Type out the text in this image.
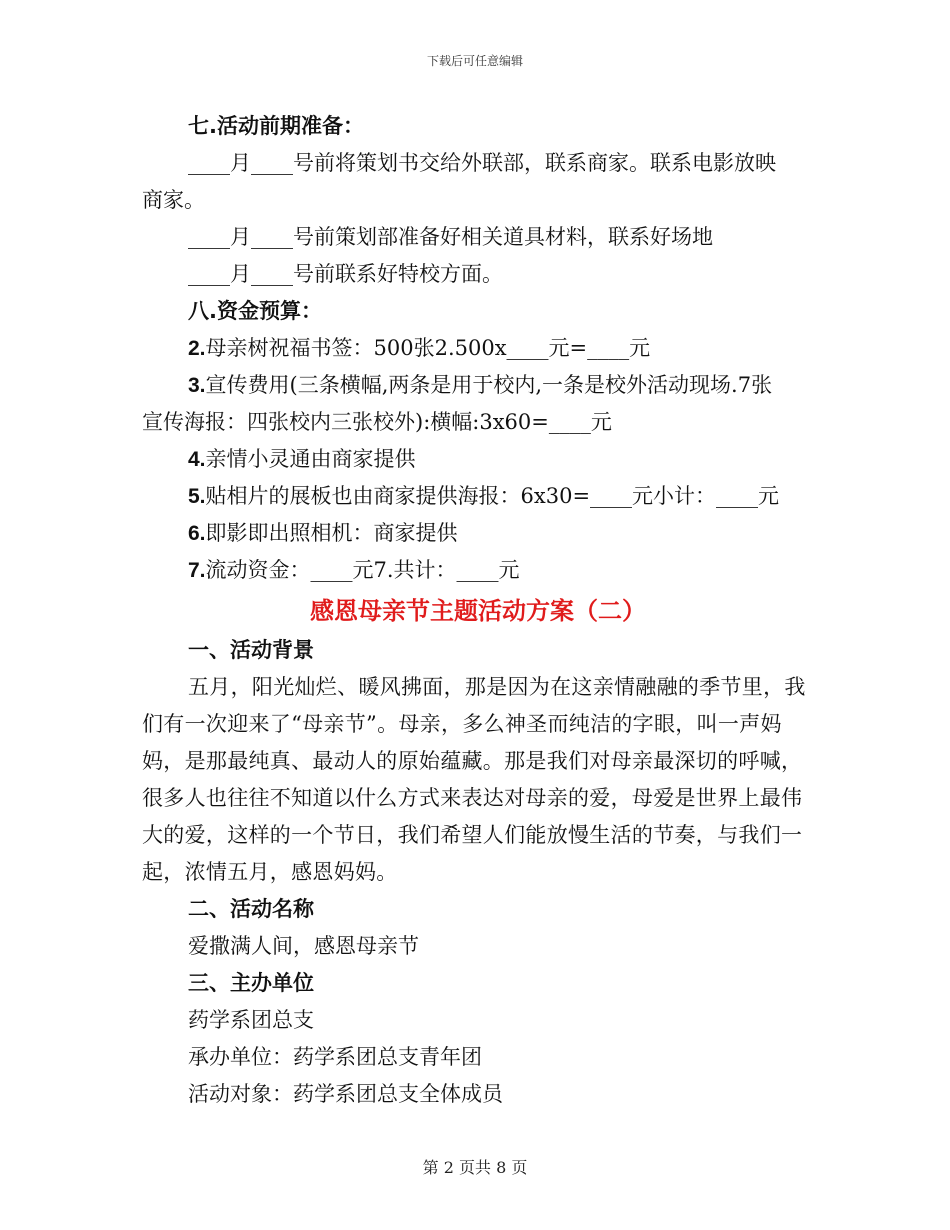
下载后可任意编辑
七.活动前期准备：
____月____号前将策划书交给外联部，联系商家。联系电影放映
商家。
____月____号前策划部准备好相关道具材料，联系好场地
____月____号前联系好特校方面。
八.资金预算：
2.母亲树祝福书签：500张2.500x____元=____元
3.宣传费用(三条横幅,两条是用于校内,一条是校外活动现场.7张
宣传海报：四张校内三张校外):横幅:3x60=____元
4.亲情小灵通由商家提供
5.贴相片的展板也由商家提供海报：6x30=____元小计：____元
6.即影即出照相机：商家提供
7.流动资金：____元7.共计：____元
感恩母亲节主题活动方案（二）
一、活动背景
五月，阳光灿烂、暖风拂面，那是因为在这亲情融融的季节里，我们有一次迎来了“母亲节”。母亲，多么神圣而纯洁的字眼，叫一声妈妈，是那最纯真、最动人的原始蕴藏。那是我们对母亲最深切的呼喊，很多人也往往不知道以什么方式来表达对母亲的爱，母爱是世界上最伟大的爱，这样的一个节日，我们希望人们能放慢生活的节奏，与我们一起，浓情五月，感恩妈妈。
二、活动名称
爱撒满人间，感恩母亲节
三、主办单位
药学系团总支
承办单位：药学系团总支青年团
活动对象：药学系团总支全体成员
第 2 页共 8 页
